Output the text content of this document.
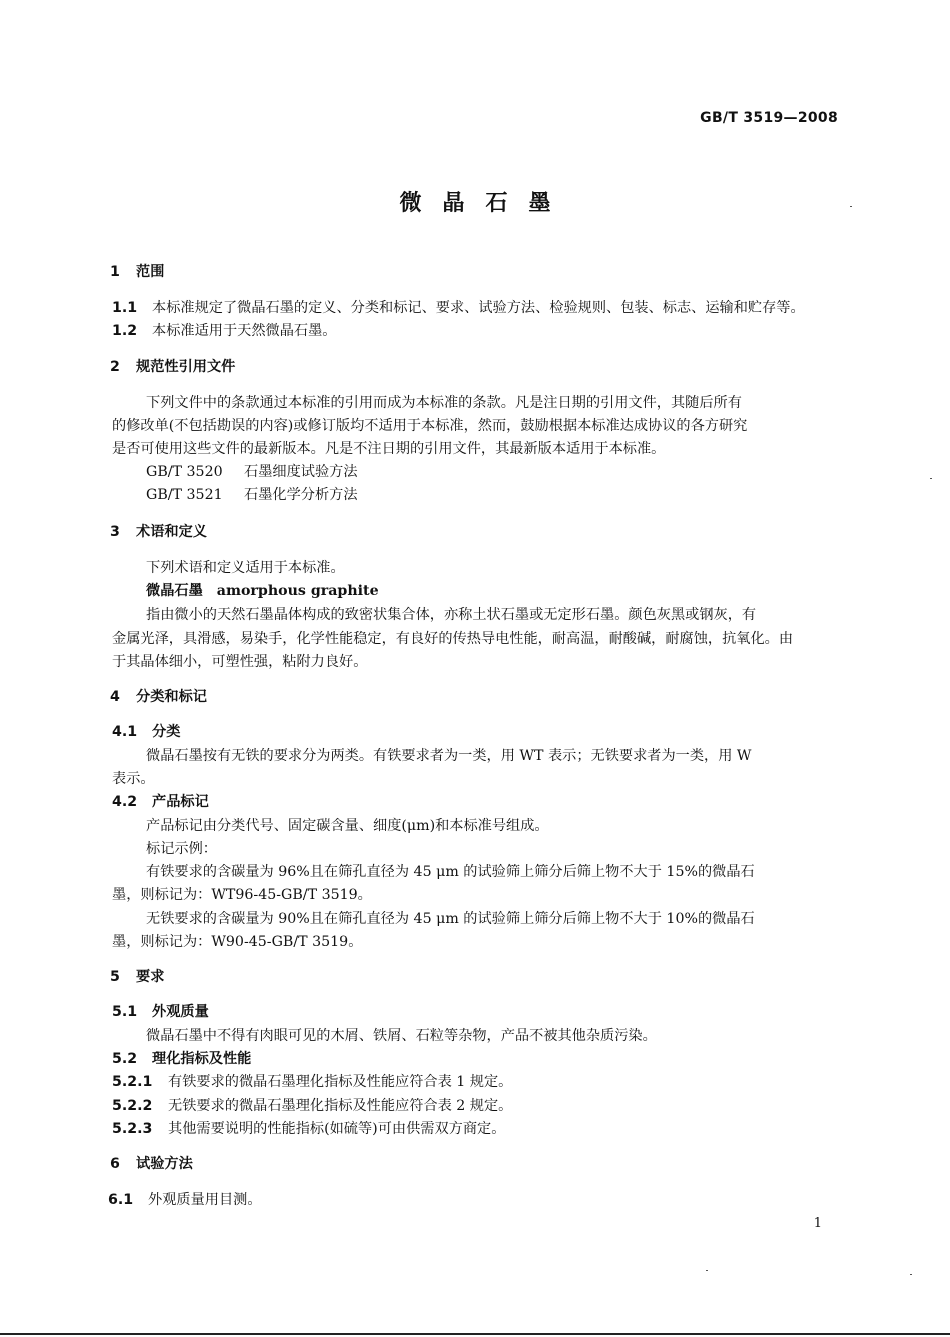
GB/T 3519—2008
微晶石墨
1 范围
1.1 本标准规定了微晶石墨的定义、分类和标记、要求、试验方法、检验规则、包装、标志、运输和贮存等。
1.2 本标准适用于天然微晶石墨。
2 规范性引用文件
下列文件中的条款通过本标准的引用而成为本标准的条款。凡是注日期的引用文件，其随后所有
的修改单(不包括勘误的内容)或修订版均不适用于本标准，然而，鼓励根据本标准达成协议的各方研究
是否可使用这些文件的最新版本。凡是不注日期的引用文件，其最新版本适用于本标准。
GB/T 3520 石墨细度试验方法
GB/T 3521 石墨化学分析方法
3 术语和定义
下列术语和定义适用于本标准。
微晶石墨 amorphous graphite
指由微小的天然石墨晶体构成的致密状集合体，亦称土状石墨或无定形石墨。颜色灰黑或钢灰，有
金属光泽，具滑感，易染手，化学性能稳定，有良好的传热导电性能，耐高温，耐酸碱，耐腐蚀，抗氧化。由
于其晶体细小，可塑性强，粘附力良好。
4 分类和标记
4.1 分类
微晶石墨按有无铁的要求分为两类。有铁要求者为一类，用 WT 表示；无铁要求者为一类，用 W
表示。
4.2 产品标记
产品标记由分类代号、固定碳含量、细度(μm)和本标准号组成。
标记示例：
有铁要求的含碳量为 96%且在筛孔直径为 45 μm 的试验筛上筛分后筛上物不大于 15%的微晶石
墨，则标记为：WT96-45-GB/T 3519。
无铁要求的含碳量为 90%且在筛孔直径为 45 μm 的试验筛上筛分后筛上物不大于 10%的微晶石
墨，则标记为：W90-45-GB/T 3519。
5 要求
5.1 外观质量
微晶石墨中不得有肉眼可见的木屑、铁屑、石粒等杂物，产品不被其他杂质污染。
5.2 理化指标及性能
5.2.1 有铁要求的微晶石墨理化指标及性能应符合表 1 规定。
5.2.2 无铁要求的微晶石墨理化指标及性能应符合表 2 规定。
5.2.3 其他需要说明的性能指标(如硫等)可由供需双方商定。
6 试验方法
6.1 外观质量用目测。
1
